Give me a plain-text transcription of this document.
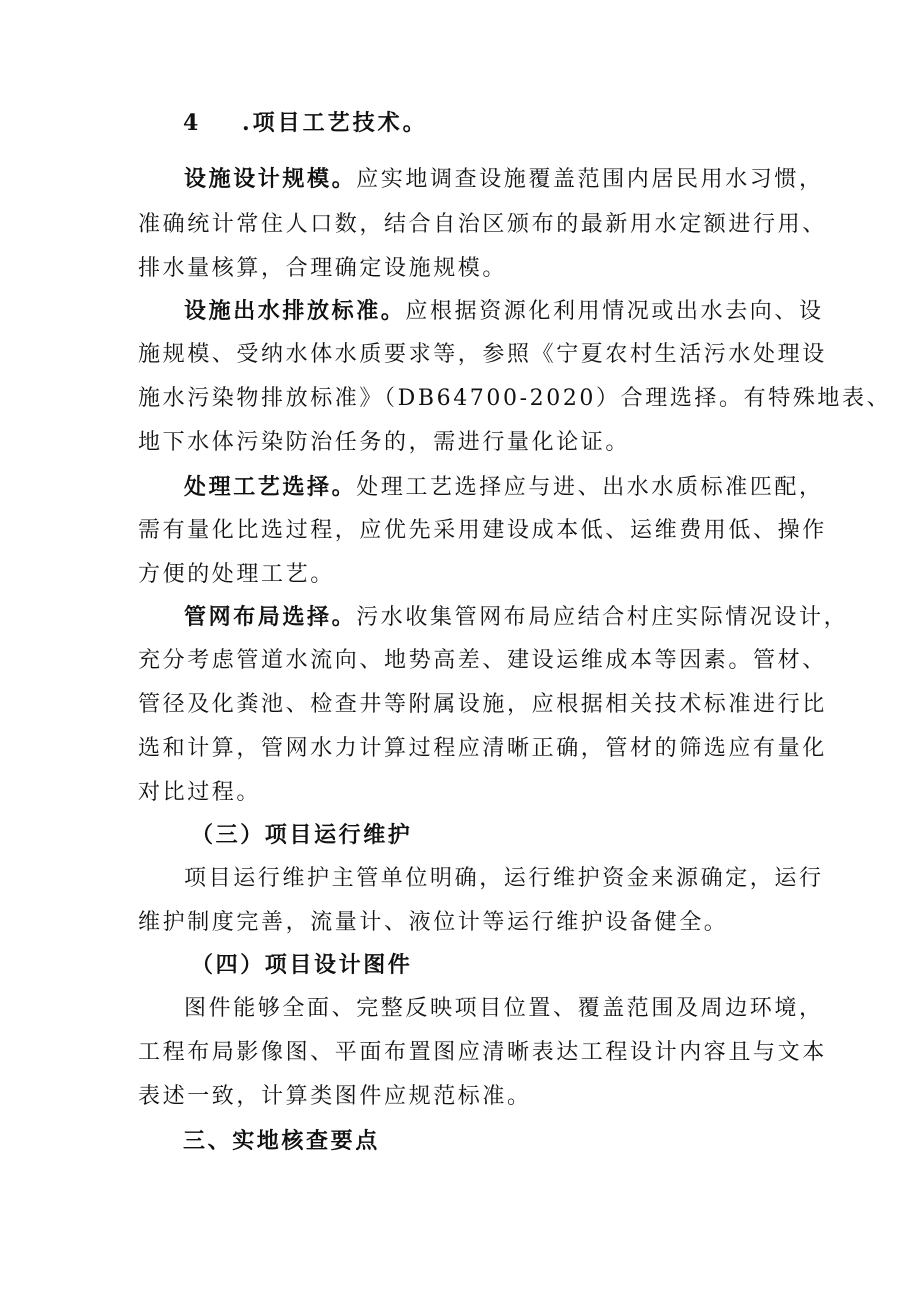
4 .项目工艺技术。
设施设计规模。应实地调查设施覆盖范围内居民用水习惯，
准确统计常住人口数，结合自治区颁布的最新用水定额进行用、
排水量核算，合理确定设施规模。
设施出水排放标准。应根据资源化利用情况或出水去向、设
施规模、受纳水体水质要求等，参照《宁夏农村生活污水处理设
施水污染物排放标准》（DB64700-2020）合理选择。有特殊地表、
地下水体污染防治任务的，需进行量化论证。
处理工艺选择。处理工艺选择应与进、出水水质标准匹配，
需有量化比选过程，应优先采用建设成本低、运维费用低、操作
方便的处理工艺。
管网布局选择。污水收集管网布局应结合村庄实际情况设计，
充分考虑管道水流向、地势高差、建设运维成本等因素。管材、
管径及化粪池、检查井等附属设施，应根据相关技术标准进行比
选和计算，管网水力计算过程应清晰正确，管材的筛选应有量化
对比过程。
（三）项目运行维护
项目运行维护主管单位明确，运行维护资金来源确定，运行
维护制度完善，流量计、液位计等运行维护设备健全。
（四）项目设计图件
图件能够全面、完整反映项目位置、覆盖范围及周边环境，
工程布局影像图、平面布置图应清晰表达工程设计内容且与文本
表述一致，计算类图件应规范标准。
三、实地核查要点
